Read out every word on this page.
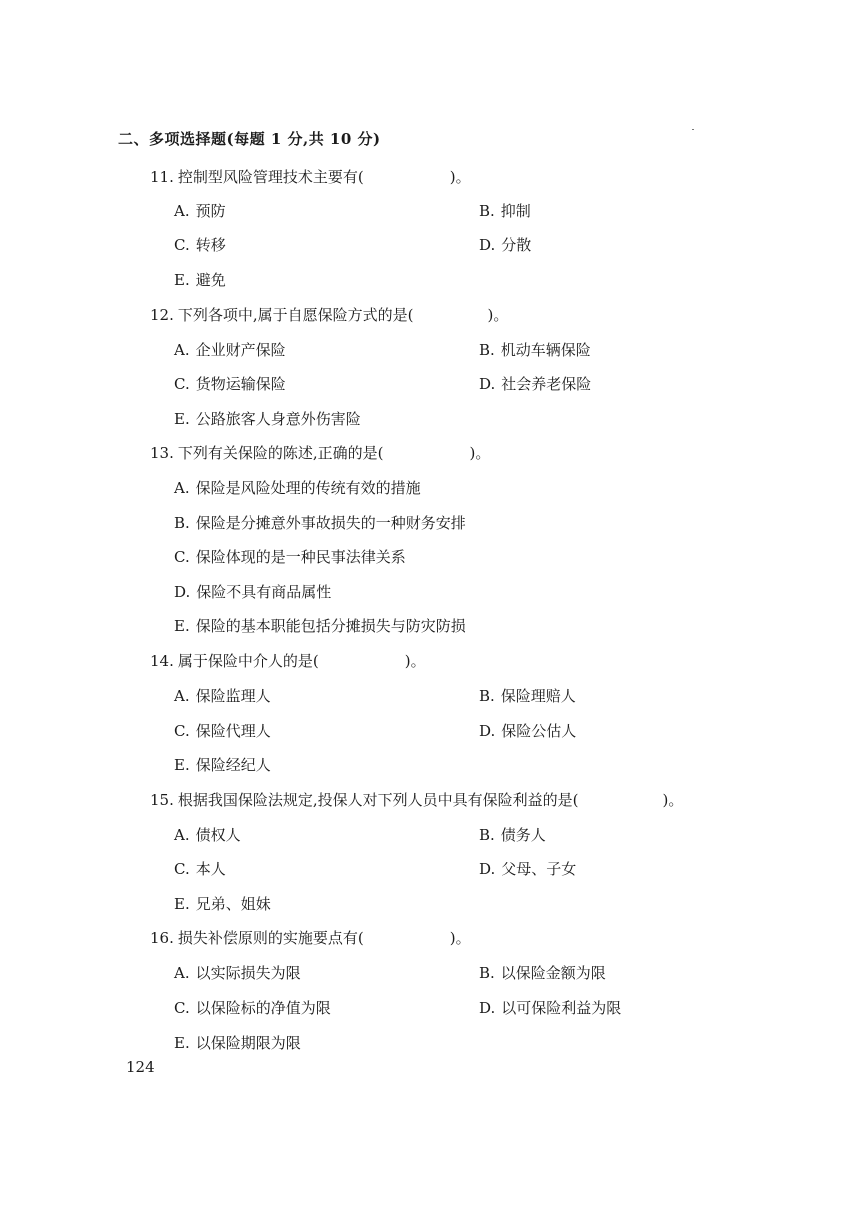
二、多项选择题(每题 1 分,共 10 分)
11. 控制型风险管理技术主要有(	)。
A. 预防	B. 抑制
C. 转移	D. 分散
E. 避免
12. 下列各项中,属于自愿保险方式的是(	)。
A. 企业财产保险	B. 机动车辆保险
C. 货物运输保险	D. 社会养老保险
E. 公路旅客人身意外伤害险
13. 下列有关保险的陈述,正确的是(	)。
A. 保险是风险处理的传统有效的措施
B. 保险是分摊意外事故损失的一种财务安排
C. 保险体现的是一种民事法律关系
D. 保险不具有商品属性
E. 保险的基本职能包括分摊损失与防灾防损
14. 属于保险中介人的是(	)。
A. 保险监理人	B. 保险理赔人
C. 保险代理人	D. 保险公估人
E. 保险经纪人
15. 根据我国保险法规定,投保人对下列人员中具有保险利益的是(	)。
A. 债权人	B. 债务人
C. 本人	D. 父母、子女
E. 兄弟、姐妹
16. 损失补偿原则的实施要点有(	)。
A. 以实际损失为限	B. 以保险金额为限
C. 以保险标的净值为限	D. 以可保险利益为限
E. 以保险期限为限
124
